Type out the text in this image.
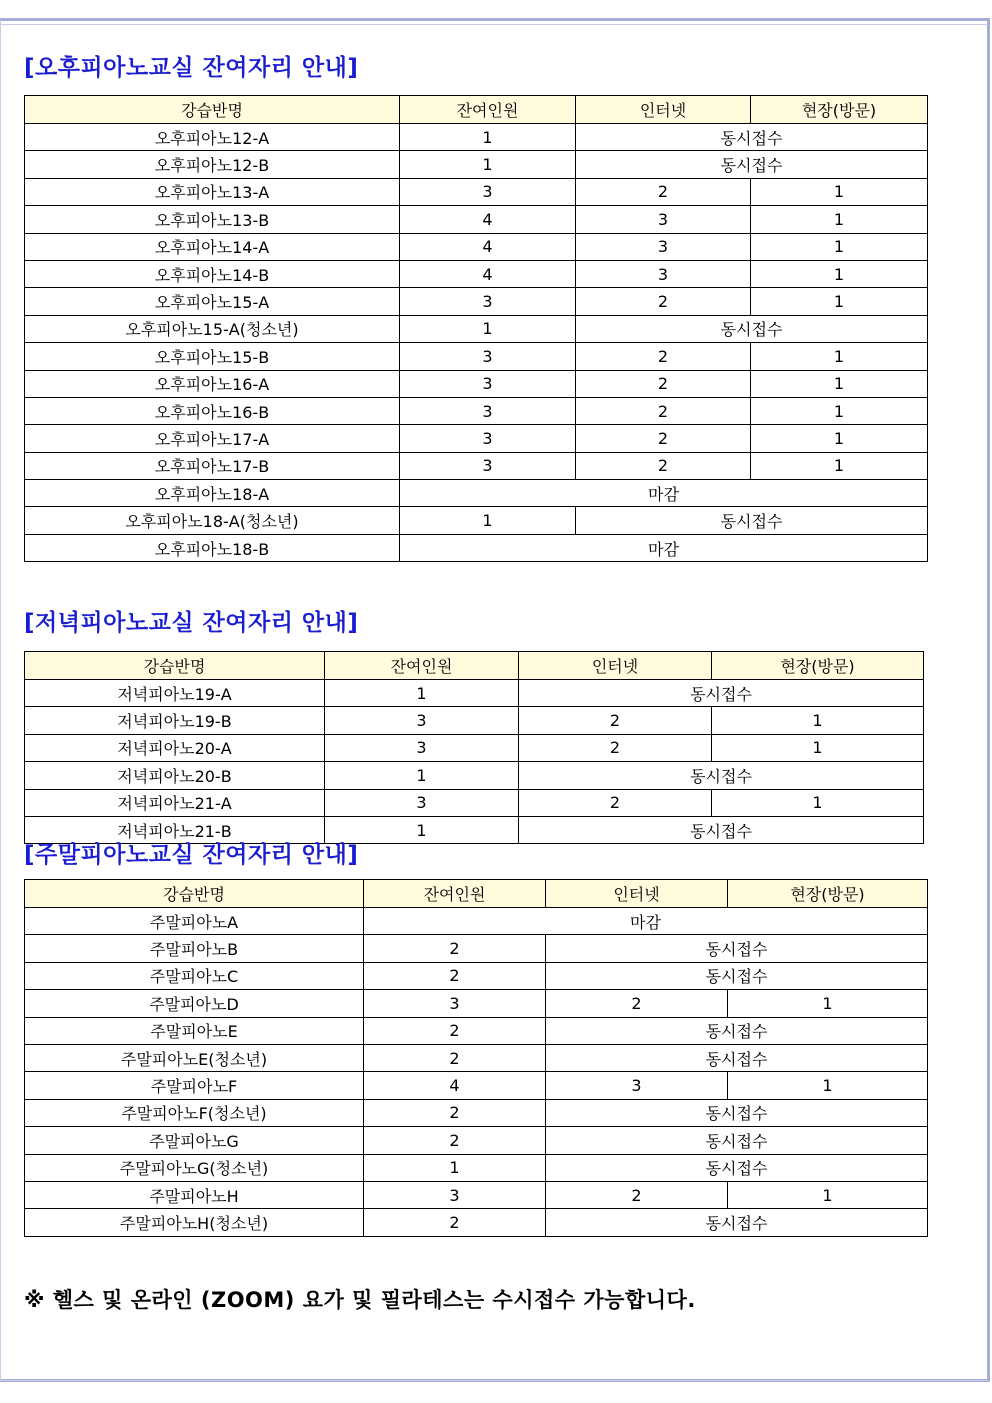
[오후피아노교실 잔여자리 안내]
강습반명	잔여인원	인터넷	현장(방문)
오후피아노12-A	1	동시접수	
오후피아노12-B	1	동시접수	
오후피아노13-A	3	2	1
오후피아노13-B	4	3	1
오후피아노14-A	4	3	1
오후피아노14-B	4	3	1
오후피아노15-A	3	2	1
오후피아노15-A(청소년)	1	동시접수	
오후피아노15-B	3	2	1
오후피아노16-A	3	2	1
오후피아노16-B	3	2	1
오후피아노17-A	3	2	1
오후피아노17-B	3	2	1
오후피아노18-A	마감		
오후피아노18-A(청소년)	1	동시접수	
오후피아노18-B	마감		
[저녁피아노교실 잔여자리 안내]
강습반명	잔여인원	인터넷	현장(방문)
저녁피아노19-A	1	동시접수	
저녁피아노19-B	3	2	1
저녁피아노20-A	3	2	1
저녁피아노20-B	1	동시접수	
저녁피아노21-A	3	2	1
저녁피아노21-B	1	동시접수	
[주말피아노교실 잔여자리 안내]
강습반명	잔여인원	인터넷	현장(방문)
주말피아노A	마감		
주말피아노B	2	동시접수	
주말피아노C	2	동시접수	
주말피아노D	3	2	1
주말피아노E	2	동시접수	
주말피아노E(청소년)	2	동시접수	
주말피아노F	4	3	1
주말피아노F(청소년)	2	동시접수	
주말피아노G	2	동시접수	
주말피아노G(청소년)	1	동시접수	
주말피아노H	3	2	1
주말피아노H(청소년)	2	동시접수	
※ 헬스 및 온라인 (ZOOM) 요가 및 필라테스는 수시접수 가능합니다.
